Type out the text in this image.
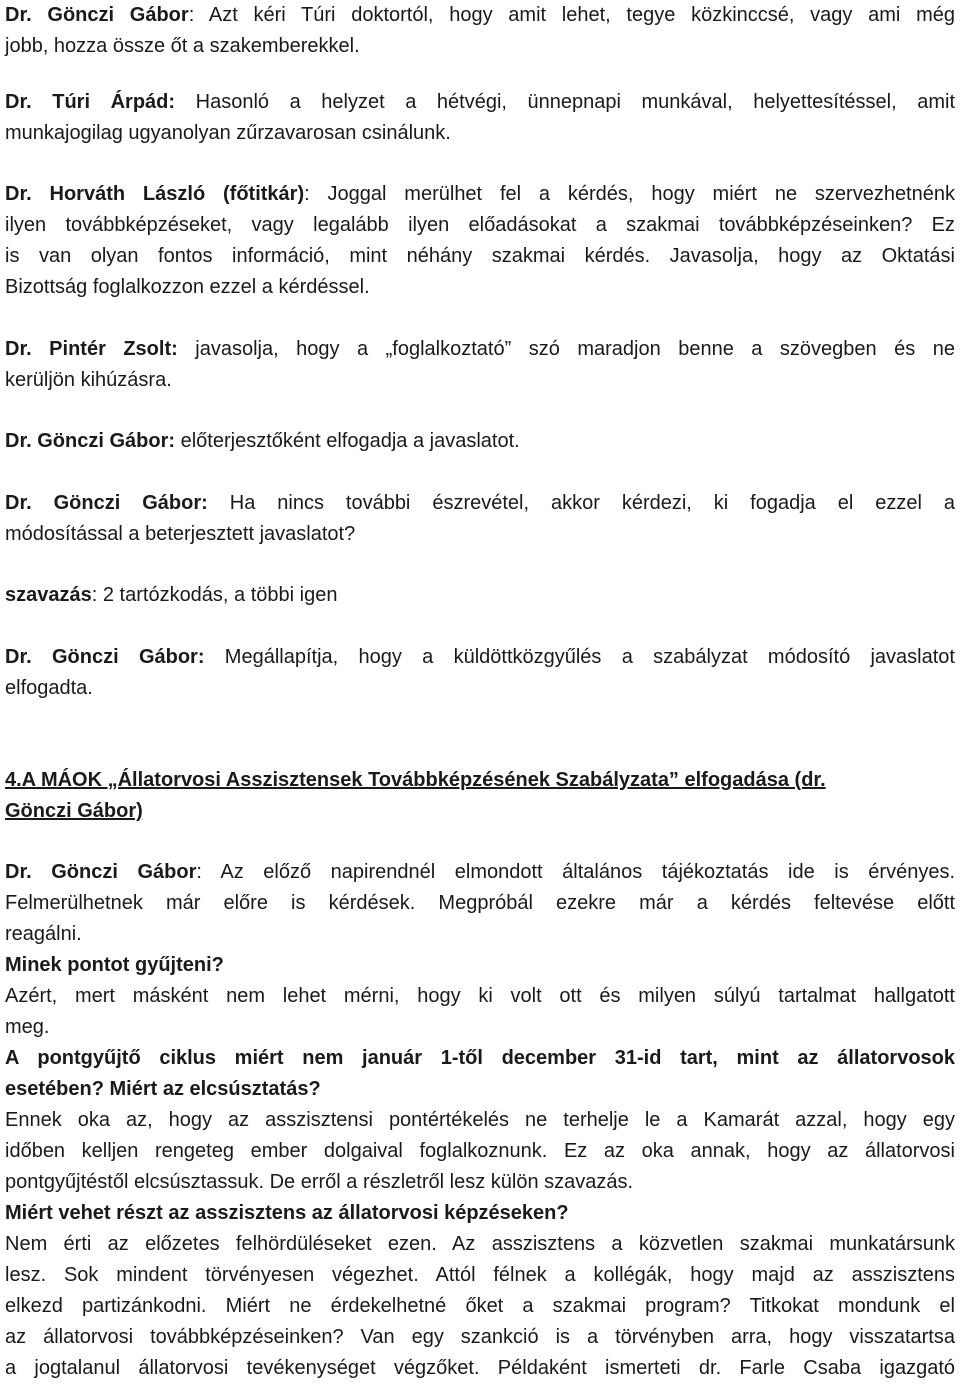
Dr. Gönczi Gábor: Azt kéri Túri doktortól, hogy amit lehet, tegye közkinccsé, vagy ami még
jobb, hozza össze őt a szakemberekkel.
Dr. Túri Árpád: Hasonló a helyzet a hétvégi, ünnepnapi munkával, helyettesítéssel, amit
munkajogilag ugyanolyan zűrzavarosan csinálunk.
Dr. Horváth László (főtitkár): Joggal merülhet fel a kérdés, hogy miért ne szervezhetnénk
ilyen továbbképzéseket, vagy legalább ilyen előadásokat a szakmai továbbképzéseinken? Ez
is van olyan fontos információ, mint néhány szakmai kérdés. Javasolja, hogy az Oktatási
Bizottság foglalkozzon ezzel a kérdéssel.
Dr. Pintér Zsolt: javasolja, hogy a „foglalkoztató” szó maradjon benne a szövegben és ne
kerüljön kihúzásra.
Dr. Gönczi Gábor: előterjesztőként elfogadja a javaslatot.
Dr. Gönczi Gábor: Ha nincs további észrevétel, akkor kérdezi, ki fogadja el ezzel a
módosítással a beterjesztett javaslatot?
szavazás: 2 tartózkodás, a többi igen
Dr. Gönczi Gábor: Megállapítja, hogy a küldöttközgyűlés a szabályzat módosító javaslatot
elfogadta.
4.A MÁOK „Állatorvosi Asszisztensek Továbbképzésének Szabályzata” elfogadása (dr.
Gönczi Gábor)
Dr. Gönczi Gábor: Az előző napirendnél elmondott általános tájékoztatás ide is érvényes.
Felmerülhetnek már előre is kérdések. Megpróbál ezekre már a kérdés feltevése előtt
reagálni.
Minek pontot gyűjteni?
Azért, mert másként nem lehet mérni, hogy ki volt ott és milyen súlyú tartalmat hallgatott
meg.
A pontgyűjtő ciklus miért nem január 1-től december 31-id tart, mint az állatorvosok
esetében? Miért az elcsúsztatás?
Ennek oka az, hogy az asszisztensi pontértékelés ne terhelje le a Kamarát azzal, hogy egy
időben kelljen rengeteg ember dolgaival foglalkoznunk. Ez az oka annak, hogy az állatorvosi
pontgyűjtéstől elcsúsztassuk. De erről a részletről lesz külön szavazás.
Miért vehet részt az asszisztens az állatorvosi képzéseken?
Nem érti az előzetes felhördüléseket ezen. Az asszisztens a közvetlen szakmai munkatársunk
lesz. Sok mindent törvényesen végezhet. Attól félnek a kollégák, hogy majd az asszisztens
elkezd partizánkodni. Miért ne érdekelhetné őket a szakmai program? Titkokat mondunk el
az állatorvosi továbbképzéseinken? Van egy szankció is a törvényben arra, hogy visszatartsa
a jogtalanul állatorvosi tevékenységet végzőket. Példaként ismerteti dr. Farle Csaba igazgató
